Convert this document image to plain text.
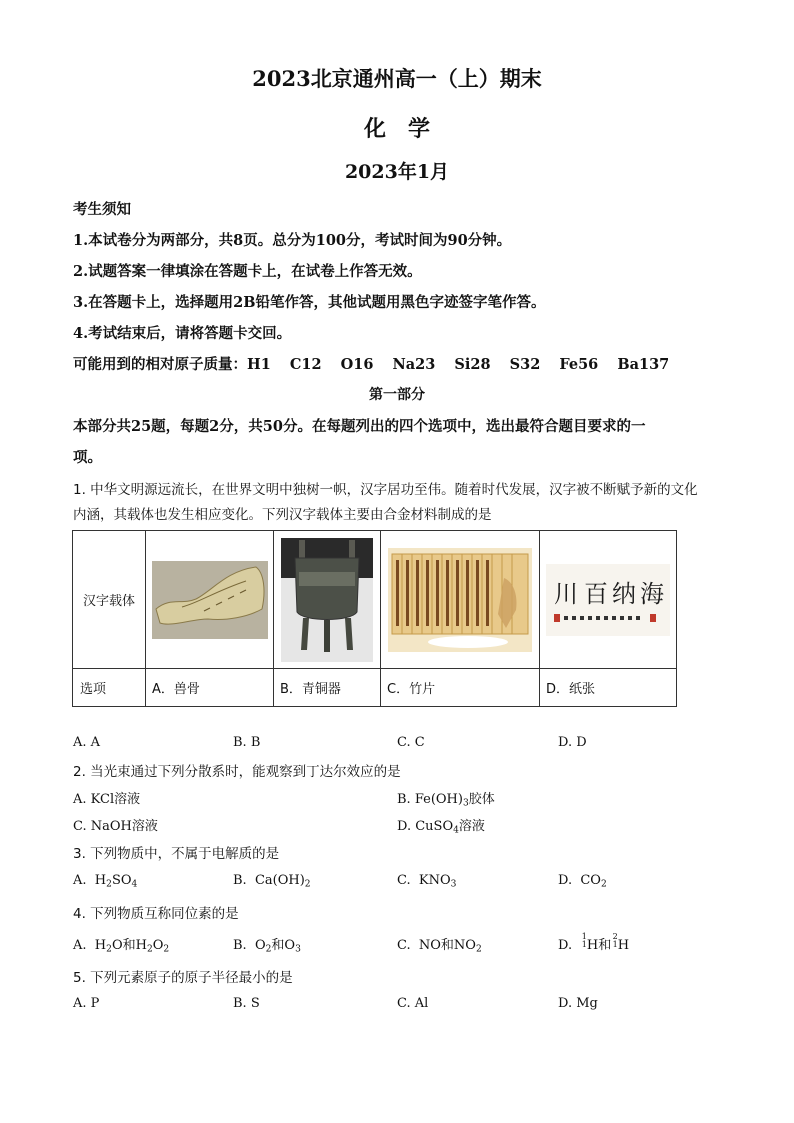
2023北京通州高一（上）期末
化　学
2023年1月
考生须知
1.本试卷分为两部分，共8页。总分为100分，考试时间为90分钟。
2.试题答案一律填涂在答题卡上，在试卷上作答无效。
3.在答题卡上，选择题用2B铅笔作答，其他试题用黑色字迹签字笔作答。
4.考试结束后，请将答题卡交回。
可能用到的相对原子质量：H1 C12 O16 Na23 Si28 S32 Fe56 Ba137
第一部分
本部分共25题，每题2分，共50分。在每题列出的四个选项中，选出最符合题目要求的一
项。
1. 中华文明源远流长，在世界文明中独树一帜，汉字居功至伟。随着时代发展，汉字被不断赋予新的文化
内涵，其载体也发生相应变化。下列汉字载体主要由合金材料制成的是
汉字载体				川 百 纳 海

选项	A．兽骨	B．青铜器	C．竹片	D．纸张
A. A	B. B	C. C	D. D
2. 当光束通过下列分散系时，能观察到丁达尔效应的是
A. KCl溶液	B. $Fe(OH)_3$胶体
C. NaOH溶液	D. CuSO$_4$溶液
3. 下列物质中，不属于电解质的是
A. $H_2SO_4$	B. $Ca(OH)_2$	C. $KNO_3$	D. $CO_2$
4. 下列物质互称同位素的是
A. $H_2O$和$H_2O_2$	B. $O_2$和$O_3$	C. NO和$NO_2$	D.
1
1 H和
2
1 H
5. 下列元素原子的原子半径最小的是
A. P	B. S	C. Al	D. Mg
